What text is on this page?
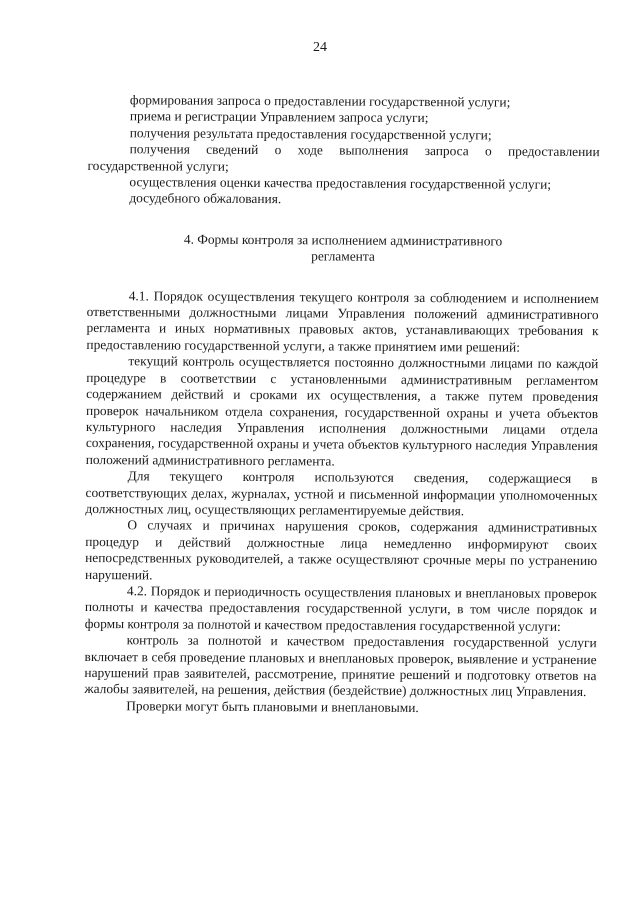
24

формирования запроса о предоставлении государственной услуги;

приема и регистрации Управлением запроса услуги;

получения результата предоставления государственной услуги;

получения сведений о ходе выполнения запроса о предоставлении государственной услуги;

осуществления оценки качества предоставления государственной услуги;

досудебного обжалования.

4. Формы контроля за исполнением административного
регламента

4.1. Порядок осуществления текущего контроля за соблюдением и исполнением ответственными должностными лицами Управления положений административного регламента и иных нормативных правовых актов, устанавливающих требования к предоставлению государственной услуги, а также принятием ими решений:

текущий контроль осуществляется постоянно должностными лицами по каждой процедуре в соответствии с установленными административным регламентом содержанием действий и сроками их осуществления, а также путем проведения проверок начальником отдела сохранения, государственной охраны и учета объектов культурного наследия Управления исполнения должностными лицами отдела сохранения, государственной охраны и учета объектов культурного наследия Управления положений административного регламента.

Для текущего контроля используются сведения, содержащиеся в соответствующих делах, журналах, устной и письменной информации уполномоченных должностных лиц, осуществляющих регламентируемые действия.

О случаях и причинах нарушения сроков, содержания административных процедур и действий должностные лица немедленно информируют своих непосредственных руководителей, а также осуществляют срочные меры по устранению нарушений.

4.2. Порядок и периодичность осуществления плановых и внеплановых проверок полноты и качества предоставления государственной услуги, в том числе порядок и формы контроля за полнотой и качеством предоставления государственной услуги:

контроль за полнотой и качеством предоставления государственной услуги включает в себя проведение плановых и внеплановых проверок, выявление и устранение нарушений прав заявителей, рассмотрение, принятие решений и подготовку ответов на жалобы заявителей, на решения, действия (бездействие) должностных лиц Управления.

Проверки могут быть плановыми и внеплановыми.
